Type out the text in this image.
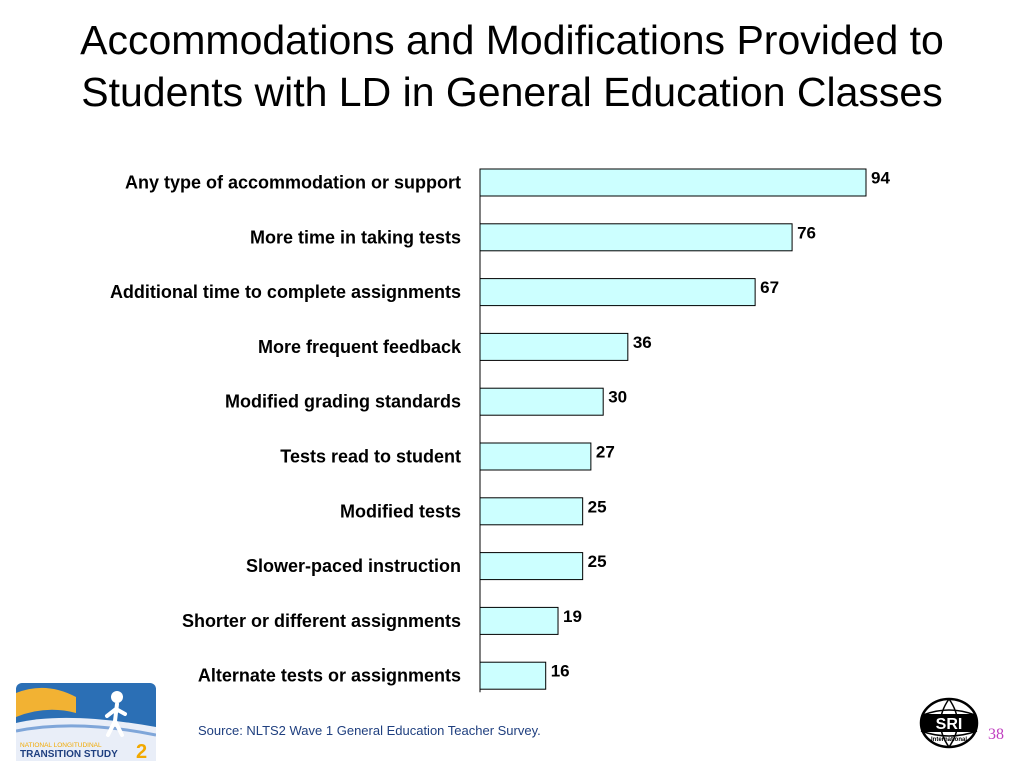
Accommodations and Modifications Provided to Students with LD in General Education Classes
Any type of accommodation or support	94
More time in taking tests	76
Additional time to complete assignments	67
More frequent feedback	36
Modified grading standards	30
Tests read to student	27
Modified tests	25
Slower-paced instruction	25
Shorter or different assignments	19
Alternate tests or assignments	16
NATIONAL LONGITUDINAL
TRANSITION STUDY 2
Source: NLTS2 Wave 1 General Education Teacher Survey.	SRI
International 38
